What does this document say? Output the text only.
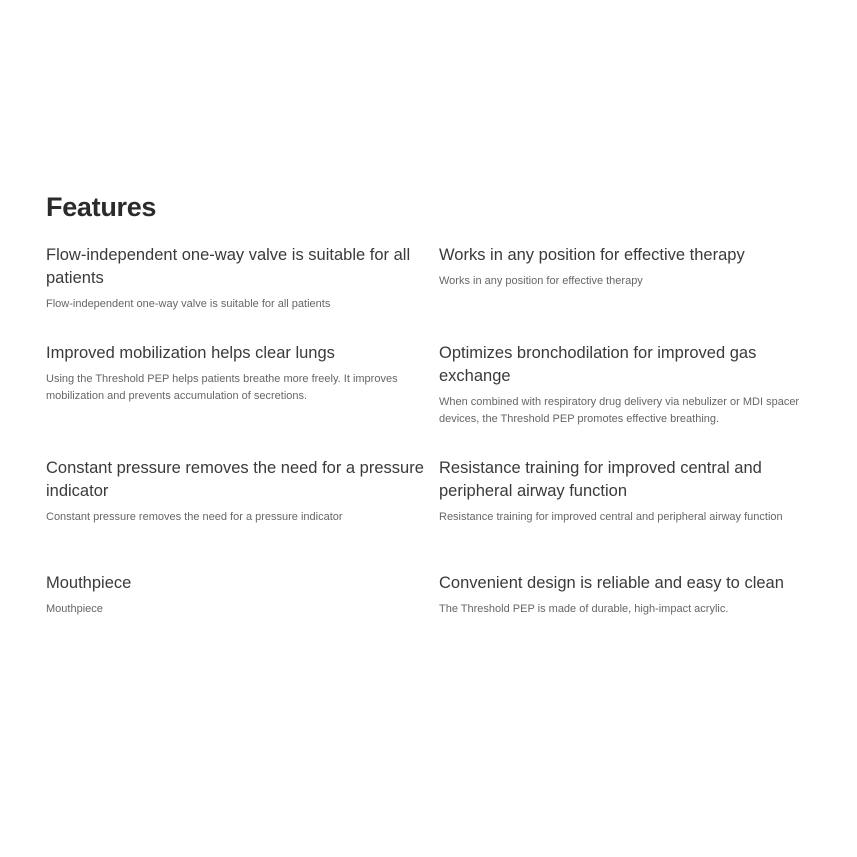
Features
Flow-independent one-way valve is suitable for all patients

Flow-independent one-way valve is suitable for all patients

Works in any position for effective therapy

Works in any position for effective therapy

Improved mobilization helps clear lungs

Using the Threshold PEP helps patients breathe more freely. It improves mobilization and prevents accumulation of secretions.

Optimizes bronchodilation for improved gas exchange

When combined with respiratory drug delivery via nebulizer or MDI spacer devices, the Threshold PEP promotes effective breathing.

Constant pressure removes the need for a pressure indicator

Constant pressure removes the need for a pressure indicator

Resistance training for improved central and peripheral airway function

Resistance training for improved central and peripheral airway function

Mouthpiece

Mouthpiece

Convenient design is reliable and easy to clean

The Threshold PEP is made of durable, high-impact acrylic.
